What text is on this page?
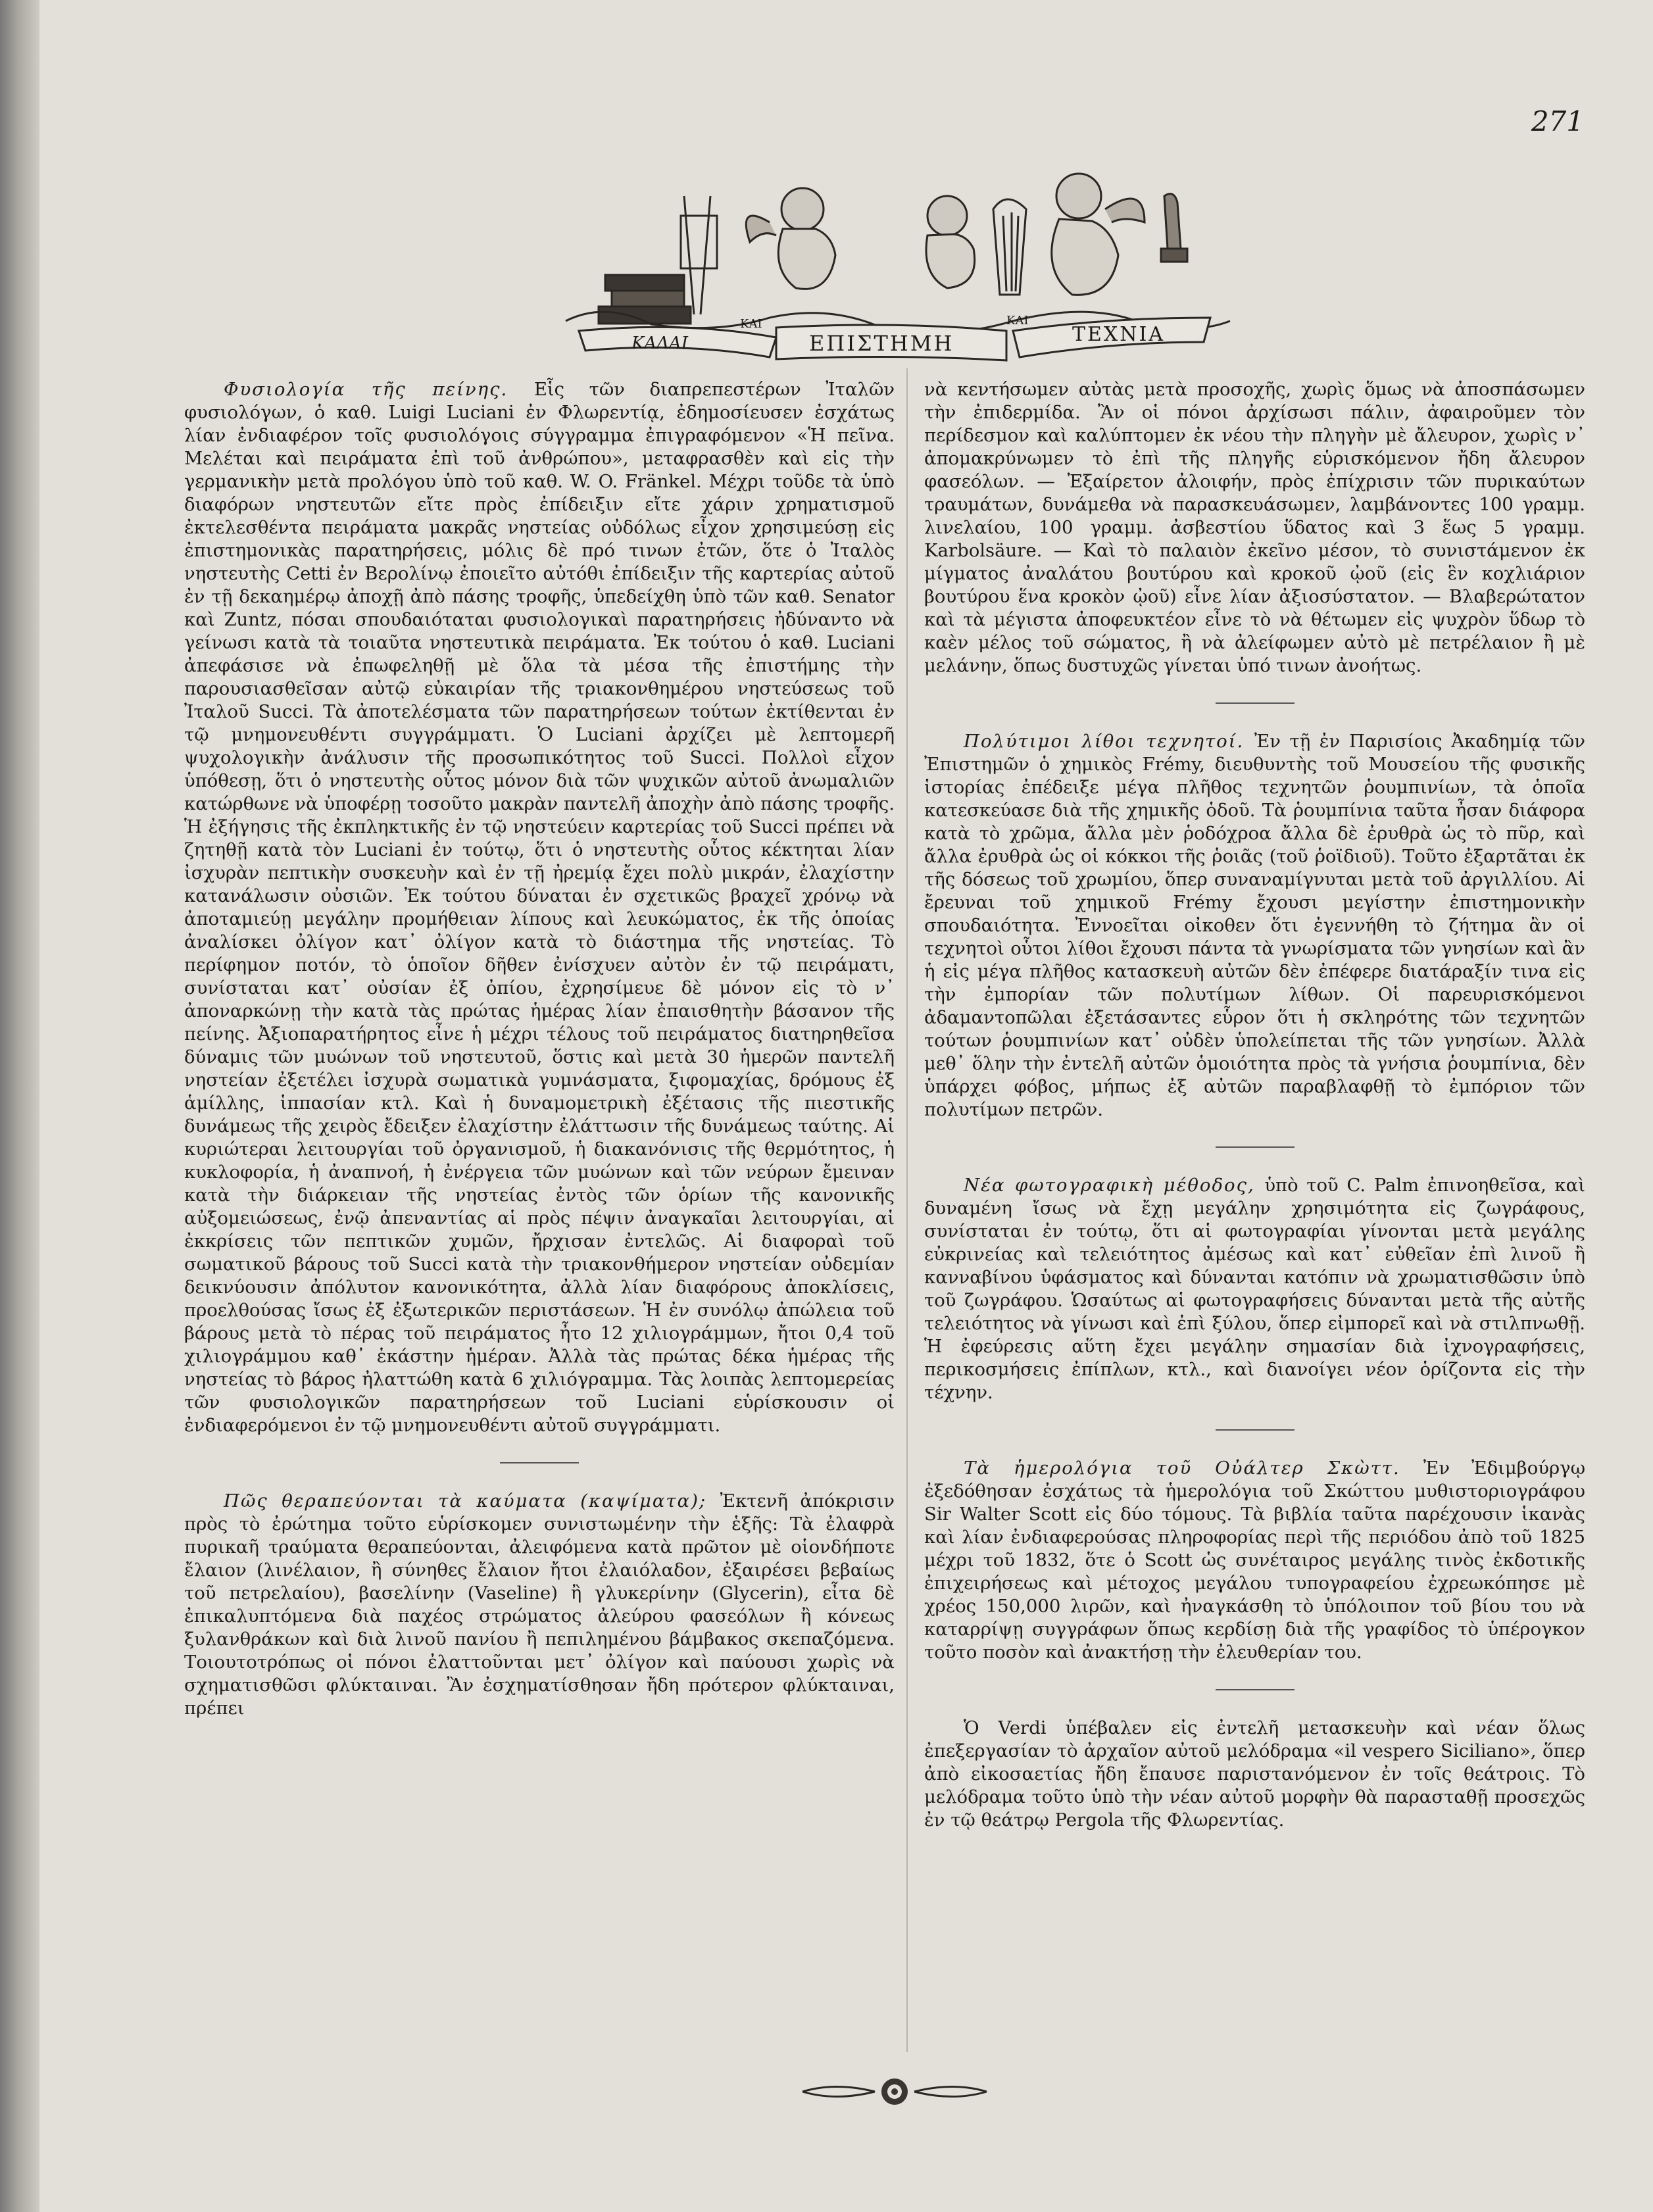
271
ΚΑΛΑΙ
ΚΑΙ
ΕΠΙΣΤΗΜΗ
ΚΑΙ
ΤΕΧΝΙΑ

Φυσιολογία τῆς πείνης. Εἷς τῶν διαπρεπεστέρων Ἰταλῶν φυσιολόγων, ὁ καθ. Luigi Luciani ἐν Φλωρεντίᾳ, ἐδημοσίευσεν ἐσχάτως λίαν ἐνδιαφέρον τοῖς φυσιολόγοις σύγγραμμα ἐπιγραφόμενον «Ἡ πεῖνα. Μελέται καὶ πειράματα ἐπὶ τοῦ ἀνθρώπου», μεταφρασθὲν καὶ εἰς τὴν γερμανικὴν μετὰ προλόγου ὑπὸ τοῦ καθ. W. O. Fränkel. Μέχρι τοῦδε τὰ ὑπὸ διαφόρων νηστευτῶν εἴτε πρὸς ἐπίδειξιν εἴτε χάριν χρηματισμοῦ ἐκτελεσθέντα πειράματα μακρᾶς νηστείας οὐδόλως εἶχον χρησιμεύσῃ εἰς ἐπιστημονικὰς παρατηρήσεις, μόλις δὲ πρό τινων ἐτῶν, ὅτε ὁ Ἰταλὸς νηστευτὴς Cetti ἐν Βερολίνῳ ἐποιεῖτο αὐτόθι ἐπίδειξιν τῆς καρτερίας αὐτοῦ ἐν τῇ δεκαημέρῳ ἀποχῇ ἀπὸ πάσης τροφῆς, ὑπεδείχθη ὑπὸ τῶν καθ. Senator καὶ Zuntz, πόσαι σπουδαιόταται φυσιολογικαὶ παρατηρήσεις ἠδύναντο νὰ γείνωσι κατὰ τὰ τοιαῦτα νηστευτικὰ πειράματα. Ἐκ τούτου ὁ καθ. Luciani ἀπεφάσισε νὰ ἐπωφεληθῇ μὲ ὅλα τὰ μέσα τῆς ἐπιστήμης τὴν παρουσιασθεῖσαν αὐτῷ εὐκαιρίαν τῆς τριακονθημέρου νηστεύσεως τοῦ Ἰταλοῦ Succi. Τὰ ἀποτελέσματα τῶν παρατηρήσεων τούτων ἐκτίθενται ἐν τῷ μνημονευθέντι συγγράμματι. Ὁ Luciani ἀρχίζει μὲ λεπτομερῆ ψυχολογικὴν ἀνάλυσιν τῆς προσωπικότητος τοῦ Succi. Πολλοὶ εἶχον ὑπόθεσῃ, ὅτι ὁ νηστευτὴς οὗτος μόνον διὰ τῶν ψυχικῶν αὐτοῦ ἀνωμαλιῶν κατώρθωνε νὰ ὑποφέρῃ τοσοῦτο μακρὰν παντελῆ ἀποχὴν ἀπὸ πάσης τροφῆς. Ἡ ἐξήγησις τῆς ἐκπληκτικῆς ἐν τῷ νηστεύειν καρτερίας τοῦ Succi πρέπει νὰ ζητηθῇ κατὰ τὸν Luciani ἐν τούτῳ, ὅτι ὁ νηστευτὴς οὗτος κέκτηται λίαν ἰσχυρὰν πεπτικὴν συσκευὴν καὶ ἐν τῇ ἠρεμίᾳ ἔχει πολὺ μικράν, ἐλαχίστην κατανάλωσιν οὐσιῶν. Ἐκ τούτου δύναται ἐν σχετικῶς βραχεῖ χρόνῳ νὰ ἀποταμιεύῃ μεγάλην προμήθειαν λίπους καὶ λευκώματος, ἐκ τῆς ὁποίας ἀναλίσκει ὀλίγον κατ᾽ ὀλίγον κατὰ τὸ διάστημα τῆς νηστείας. Τὸ περίφημον ποτόν, τὸ ὁποῖον δῆθεν ἐνίσχυεν αὐτὸν ἐν τῷ πειράματι, συνίσταται κατ᾽ οὐσίαν ἐξ ὀπίου, ἐχρησίμευε δὲ μόνον εἰς τὸ ν᾽ ἀποναρκώνῃ τὴν κατὰ τὰς πρώτας ἡμέρας λίαν ἐπαισθητὴν βάσανον τῆς πείνης. Ἀξιοπαρατήρητος εἶνε ἡ μέχρι τέλους τοῦ πειράματος διατηρηθεῖσα δύναμις τῶν μυώνων τοῦ νηστευτοῦ, ὅστις καὶ μετὰ 30 ἡμερῶν παντελῆ νηστείαν ἐξετέλει ἰσχυρὰ σωματικὰ γυμνάσματα, ξιφομαχίας, δρόμους ἐξ ἁμίλλης, ἱππασίαν κτλ. Καὶ ἡ δυναμομετρικὴ ἐξέτασις τῆς πιεστικῆς δυνάμεως τῆς χειρὸς ἔδειξεν ἐλαχίστην ἐλάττωσιν τῆς δυνάμεως ταύτης. Αἱ κυριώτεραι λειτουργίαι τοῦ ὀργανισμοῦ, ἡ διακανόνισις τῆς θερμότητος, ἡ κυκλοφορία, ἡ ἀναπνοή, ἡ ἐνέργεια τῶν μυώνων καὶ τῶν νεύρων ἔμειναν κατὰ τὴν διάρκειαν τῆς νηστείας ἐντὸς τῶν ὁρίων τῆς κανονικῆς αὐξομειώσεως, ἐνῷ ἀπεναντίας αἱ πρὸς πέψιν ἀναγκαῖαι λειτουργίαι, αἱ ἐκκρίσεις τῶν πεπτικῶν χυμῶν, ἤρχισαν ἐντελῶς. Αἱ διαφοραὶ τοῦ σωματικοῦ βάρους τοῦ Succi κατὰ τὴν τριακονθήμερον νηστείαν οὐδεμίαν δεικνύουσιν ἀπόλυτον κανονικότητα, ἀλλὰ λίαν διαφόρους ἀποκλίσεις, προελθούσας ἴσως ἐξ ἐξωτερικῶν περιστάσεων. Ἡ ἐν συνόλῳ ἀπώλεια τοῦ βάρους μετὰ τὸ πέρας τοῦ πειράματος ἦτο 12 χιλιογράμμων, ἤτοι 0,4 τοῦ χιλιογράμμου καθ᾽ ἑκάστην ἡμέραν. Ἀλλὰ τὰς πρώτας δέκα ἡμέρας τῆς νηστείας τὸ βάρος ἠλαττώθη κατὰ 6 χιλιόγραμμα. Τὰς λοιπὰς λεπτομερείας τῶν φυσιολογικῶν παρατηρήσεων τοῦ Luciani εὑρίσκουσιν οἱ ἐνδιαφερόμενοι ἐν τῷ μνημονευθέντι αὐτοῦ συγγράμματι.

Πῶς θεραπεύονται τὰ καύματα (καψίματα); Ἐκτενῆ ἀπόκρισιν πρὸς τὸ ἐρώτημα τοῦτο εὑρίσκομεν συνιστωμένην τὴν ἑξῆς: Τὰ ἐλαφρὰ πυρικαῆ τραύματα θεραπεύονται, ἀλειφόμενα κατὰ πρῶτον μὲ οἱονδήποτε ἔλαιον (λινέλαιον, ἢ σύνηθες ἔλαιον ἤτοι ἐλαιόλαδον, ἐξαιρέσει βεβαίως τοῦ πετρελαίου), βασελίνην (Vaseline) ἢ γλυκερίνην (Glycerin), εἶτα δὲ ἐπικαλυπτόμενα διὰ παχέος στρώματος ἀλεύρου φασεόλων ἢ κόνεως ξυλανθράκων καὶ διὰ λινοῦ πανίου ἢ πεπιλημένου βάμβακος σκεπαζόμενα. Τοιουτοτρόπως οἱ πόνοι ἐλαττοῦνται μετ᾽ ὀλίγον καὶ παύουσι χωρὶς νὰ σχηματισθῶσι φλύκταιναι. Ἂν ἐσχηματίσθησαν ἤδη πρότερον φλύκταιναι, πρέπει

νὰ κεντήσωμεν αὐτὰς μετὰ προσοχῆς, χωρὶς ὅμως νὰ ἀποσπάσωμεν τὴν ἐπιδερμίδα. Ἂν οἱ πόνοι ἀρχίσωσι πάλιν, ἀφαιροῦμεν τὸν περίδεσμον καὶ καλύπτομεν ἐκ νέου τὴν πληγὴν μὲ ἄλευρον, χωρὶς ν᾽ ἀπομακρύνωμεν τὸ ἐπὶ τῆς πληγῆς εὑρισκόμενον ἤδη ἄλευρον φασεόλων. — Ἐξαίρετον ἀλοιφήν, πρὸς ἐπίχρισιν τῶν πυρικαύτων τραυμάτων, δυνάμεθα νὰ παρασκευάσωμεν, λαμβάνοντες 100 γραμμ. λινελαίου, 100 γραμμ. ἀσβεστίου ὕδατος καὶ 3 ἕως 5 γραμμ. Karbolsäure. — Καὶ τὸ παλαιὸν ἐκεῖνο μέσον, τὸ συνιστάμενον ἐκ μίγματος ἀναλάτου βουτύρου καὶ κροκοῦ ᾠοῦ (εἰς ἓν κοχλιάριον βουτύρου ἕνα κροκὸν ᾠοῦ) εἶνε λίαν ἀξιοσύστατον. — Βλαβερώτατον καὶ τὰ μέγιστα ἀποφευκτέον εἶνε τὸ νὰ θέτωμεν εἰς ψυχρὸν ὕδωρ τὸ καὲν μέλος τοῦ σώματος, ἢ νὰ ἀλείφωμεν αὐτὸ μὲ πετρέλαιον ἢ μὲ μελάνην, ὅπως δυστυχῶς γίνεται ὑπό τινων ἀνοήτως.

Πολύτιμοι λίθοι τεχνητοί. Ἐν τῇ ἐν Παρισίοις Ἀκαδημίᾳ τῶν Ἐπιστημῶν ὁ χημικὸς Frémy, διευθυντὴς τοῦ Μουσείου τῆς φυσικῆς ἱστορίας ἐπέδειξε μέγα πλῆθος τεχνητῶν ῥουμπινίων, τὰ ὁποῖα κατεσκεύασε διὰ τῆς χημικῆς ὁδοῦ. Τὰ ῥουμπίνια ταῦτα ἦσαν διάφορα κατὰ τὸ χρῶμα, ἄλλα μὲν ῥοδόχροα ἄλλα δὲ ἐρυθρὰ ὡς τὸ πῦρ, καὶ ἄλλα ἐρυθρὰ ὡς οἱ κόκκοι τῆς ῥοιᾶς (τοῦ ῥοϊδιοῦ). Τοῦτο ἐξαρτᾶται ἐκ τῆς δόσεως τοῦ χρωμίου, ὅπερ συναναμίγνυται μετὰ τοῦ ἀργιλλίου. Αἱ ἔρευναι τοῦ χημικοῦ Frémy ἔχουσι μεγίστην ἐπιστημονικὴν σπουδαιότητα. Ἐννοεῖται οἰκοθεν ὅτι ἐγεννήθη τὸ ζήτημα ἂν οἱ τεχνητοὶ οὗτοι λίθοι ἔχουσι πάντα τὰ γνωρίσματα τῶν γνησίων καὶ ἂν ἡ εἰς μέγα πλῆθος κατασκευὴ αὐτῶν δὲν ἐπέφερε διατάραξίν τινα εἰς τὴν ἐμπορίαν τῶν πολυτίμων λίθων. Οἱ παρευρισκόμενοι ἀδαμαντοπῶλαι ἐξετάσαντες εὗρον ὅτι ἡ σκληρότης τῶν τεχνητῶν τούτων ῥουμπινίων κατ᾽ οὐδὲν ὑπολείπεται τῆς τῶν γνησίων. Ἀλλὰ μεθ᾽ ὅλην τὴν ἐντελῆ αὐτῶν ὁμοιότητα πρὸς τὰ γνήσια ῥουμπίνια, δὲν ὑπάρχει φόβος, μήπως ἐξ αὐτῶν παραβλαφθῇ τὸ ἐμπόριον τῶν πολυτίμων πετρῶν.

Νέα φωτογραφικὴ μέθοδος, ὑπὸ τοῦ C. Palm ἐπινοηθεῖσα, καὶ δυναμένη ἴσως νὰ ἔχῃ μεγάλην χρησιμότητα εἰς ζωγράφους, συνίσταται ἐν τούτῳ, ὅτι αἱ φωτογραφίαι γίνονται μετὰ μεγάλης εὐκρινείας καὶ τελειότητος ἀμέσως καὶ κατ᾽ εὐθεῖαν ἐπὶ λινοῦ ἢ κανναβίνου ὑφάσματος καὶ δύνανται κατόπιν νὰ χρωματισθῶσιν ὑπὸ τοῦ ζωγράφου. Ὡσαύτως αἱ φωτογραφήσεις δύνανται μετὰ τῆς αὐτῆς τελειότητος νὰ γίνωσι καὶ ἐπὶ ξύλου, ὅπερ εἰμπορεῖ καὶ νὰ στιλπνωθῇ. Ἡ ἐφεύρεσις αὕτη ἔχει μεγάλην σημασίαν διὰ ἰχνογραφήσεις, περικοσμήσεις ἐπίπλων, κτλ., καὶ διανοίγει νέον ὁρίζοντα εἰς τὴν τέχνην.

Τὰ ἡμερολόγια τοῦ Οὐάλτερ Σκὼττ. Ἐν Ἐδιμβούργῳ ἐξεδόθησαν ἐσχάτως τὰ ἡμερολόγια τοῦ Σκώττου μυθιστοριογράφου Sir Walter Scott εἰς δύο τόμους. Τὰ βιβλία ταῦτα παρέχουσιν ἱκανὰς καὶ λίαν ἐνδιαφερούσας πληροφορίας περὶ τῆς περιόδου ἀπὸ τοῦ 1825 μέχρι τοῦ 1832, ὅτε ὁ Scott ὡς συνέταιρος μεγάλης τινὸς ἐκδοτικῆς ἐπιχειρήσεως καὶ μέτοχος μεγάλου τυπογραφείου ἐχρεωκόπησε μὲ χρέος 150,000 λιρῶν, καὶ ἠναγκάσθη τὸ ὑπόλοιπον τοῦ βίου του νὰ καταρρίψῃ συγγράφων ὅπως κερδίσῃ διὰ τῆς γραφίδος τὸ ὑπέρογκον τοῦτο ποσὸν καὶ ἀνακτήσῃ τὴν ἐλευθερίαν του.

Ὁ Verdi ὑπέβαλεν εἰς ἐντελῆ μετασκευὴν καὶ νέαν ὅλως ἐπεξεργασίαν τὸ ἀρχαῖον αὐτοῦ μελόδραμα «il vespero Siciliano», ὅπερ ἀπὸ εἰκοσαετίας ἤδη ἔπαυσε παριστανόμενον ἐν τοῖς θεάτροις. Τὸ μελόδραμα τοῦτο ὑπὸ τὴν νέαν αὐτοῦ μορφὴν θὰ παρασταθῇ προσεχῶς ἐν τῷ θεάτρῳ Pergola τῆς Φλωρεντίας.
